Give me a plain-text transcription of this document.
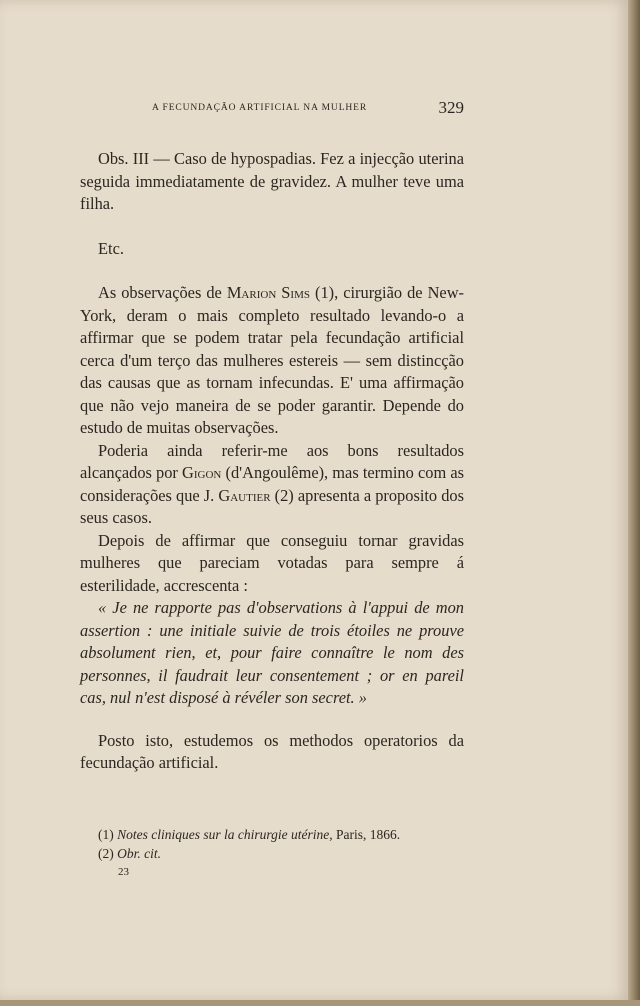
A FECUNDAÇÃO ARTIFICIAL NA MULHER	329

Obs. III — Caso de hypospadias. Fez a injecção uterina seguida immediatamente de gravidez. A mulher teve uma filha.

Etc.

As observações de Marion Sims (1), cirurgião de New-York, deram o mais completo resultado levando-o a affirmar que se podem tratar pela fecundação artificial cerca d'um terço das mulheres estereis — sem distincção das causas que as tornam infecundas. E' uma affirmação que não vejo maneira de se poder garantir. Depende do estudo de muitas observações.

Poderia ainda referir-me aos bons resultados alcançados por Gigon (d'Angoulême), mas termino com as considerações que J. Gautier (2) apresenta a proposito dos seus casos.

Depois de affirmar que conseguiu tornar gravidas mulheres que pareciam votadas para sempre á esterilidade, accrescenta :

« Je ne rapporte pas d'observations à l'appui de mon assertion : une initiale suivie de trois étoiles ne prouve absolument rien, et, pour faire connaître le nom des personnes, il faudrait leur consentement ; or en pareil cas, nul n'est disposé à révéler son secret. »

Posto isto, estudemos os methodos operatorios da fecundação artificial.

(1) Notes cliniques sur la chirurgie utérine, Paris, 1866.
(2) Obr. cit.
23
